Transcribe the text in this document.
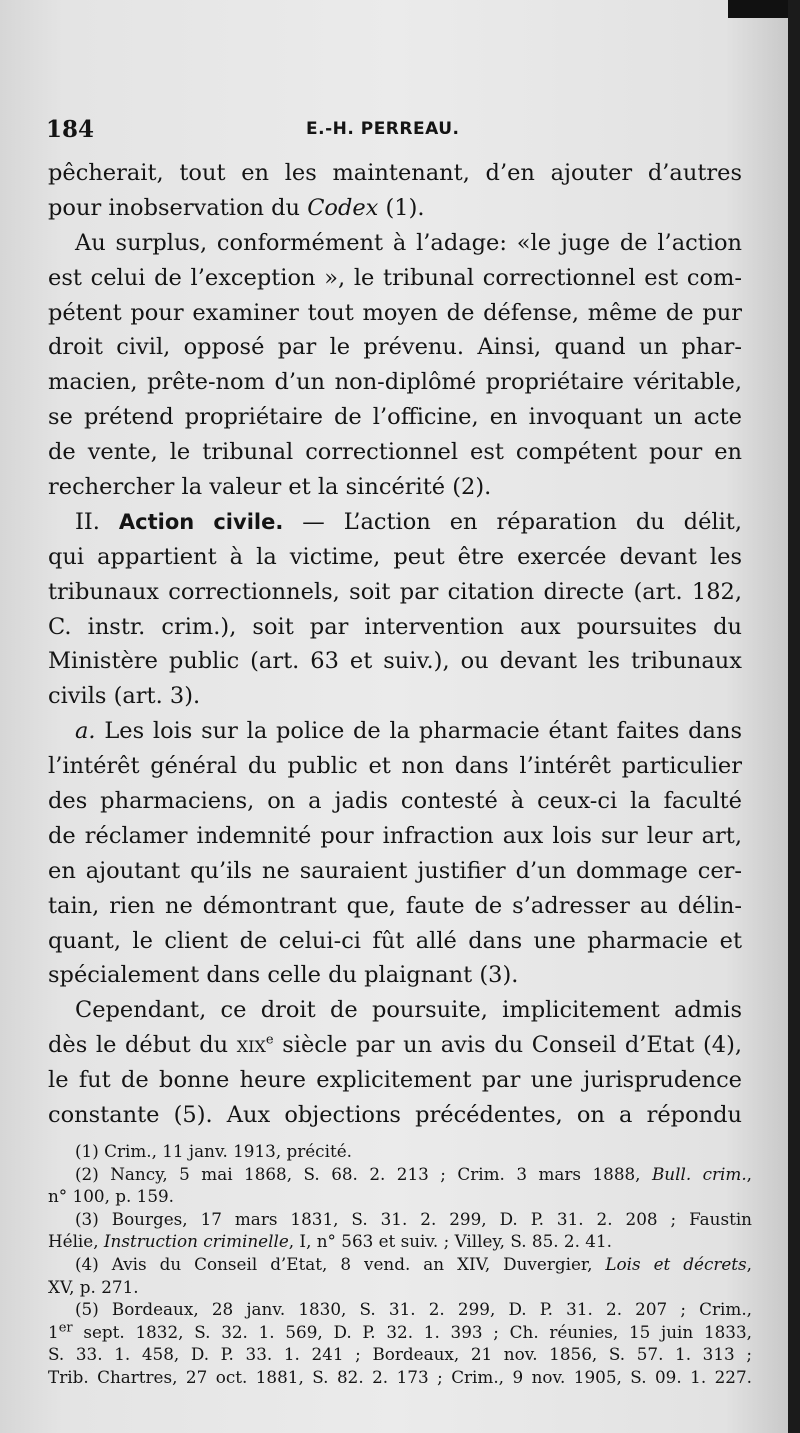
184	E.-H. PERREAU.
pêcherait, tout en les maintenant, d’en ajouter d’autres
pour inobservation du Codex (1).
Au surplus, conformément à l’adage: «le juge de l’action
est celui de l’exception », le tribunal correctionnel est com-
pétent pour examiner tout moyen de défense, même de pur
droit civil, opposé par le prévenu. Ainsi, quand un phar-
macien, prête-nom d’un non-diplômé propriétaire véritable,
se prétend propriétaire de l’officine, en invoquant un acte
de vente, le tribunal correctionnel est compétent pour en
rechercher la valeur et la sincérité (2).
II. Action civile. — L’action en réparation du délit,
qui appartient à la victime, peut être exercée devant les
tribunaux correctionnels, soit par citation directe (art. 182,
C. instr. crim.), soit par intervention aux poursuites du
Ministère public (art. 63 et suiv.), ou devant les tribunaux
civils (art. 3).
a. Les lois sur la police de la pharmacie étant faites dans
l’intérêt général du public et non dans l’intérêt particulier
des pharmaciens, on a jadis contesté à ceux-ci la faculté
de réclamer indemnité pour infraction aux lois sur leur art,
en ajoutant qu’ils ne sauraient justifier d’un dommage cer-
tain, rien ne démontrant que, faute de s’adresser au délin-
quant, le client de celui-ci fût allé dans une pharmacie et
spécialement dans celle du plaignant (3).
Cependant, ce droit de poursuite, implicitement admis
dès le début du xix$^e$ siècle par un avis du Conseil d’Etat (4),
le fut de bonne heure explicitement par une jurisprudence
constante (5). Aux objections précédentes, on a répondu
(1) Crim., 11 janv. 1913, précité.
(2) Nancy, 5 mai 1868, S. 68. 2. 213 ; Crim. 3 mars 1888, Bull. crim.,
n° 100, p. 159.
(3) Bourges, 17 mars 1831, S. 31. 2. 299, D. P. 31. 2. 208 ; Faustin
Hélie, Instruction criminelle, I, n° 563 et suiv. ; Villey, S. 85. 2. 41.
(4) Avis du Conseil d’Etat, 8 vend. an XIV, Duvergier, Lois et décrets,
XV, p. 271.
(5) Bordeaux, 28 janv. 1830, S. 31. 2. 299, D. P. 31. 2. 207 ; Crim.,
1er sept. 1832, S. 32. 1. 569, D. P. 32. 1. 393 ; Ch. réunies, 15 juin 1833,
S. 33. 1. 458, D. P. 33. 1. 241 ; Bordeaux, 21 nov. 1856, S. 57. 1. 313 ;
Trib. Chartres, 27 oct. 1881, S. 82. 2. 173 ; Crim., 9 nov. 1905, S. 09. 1. 227.
